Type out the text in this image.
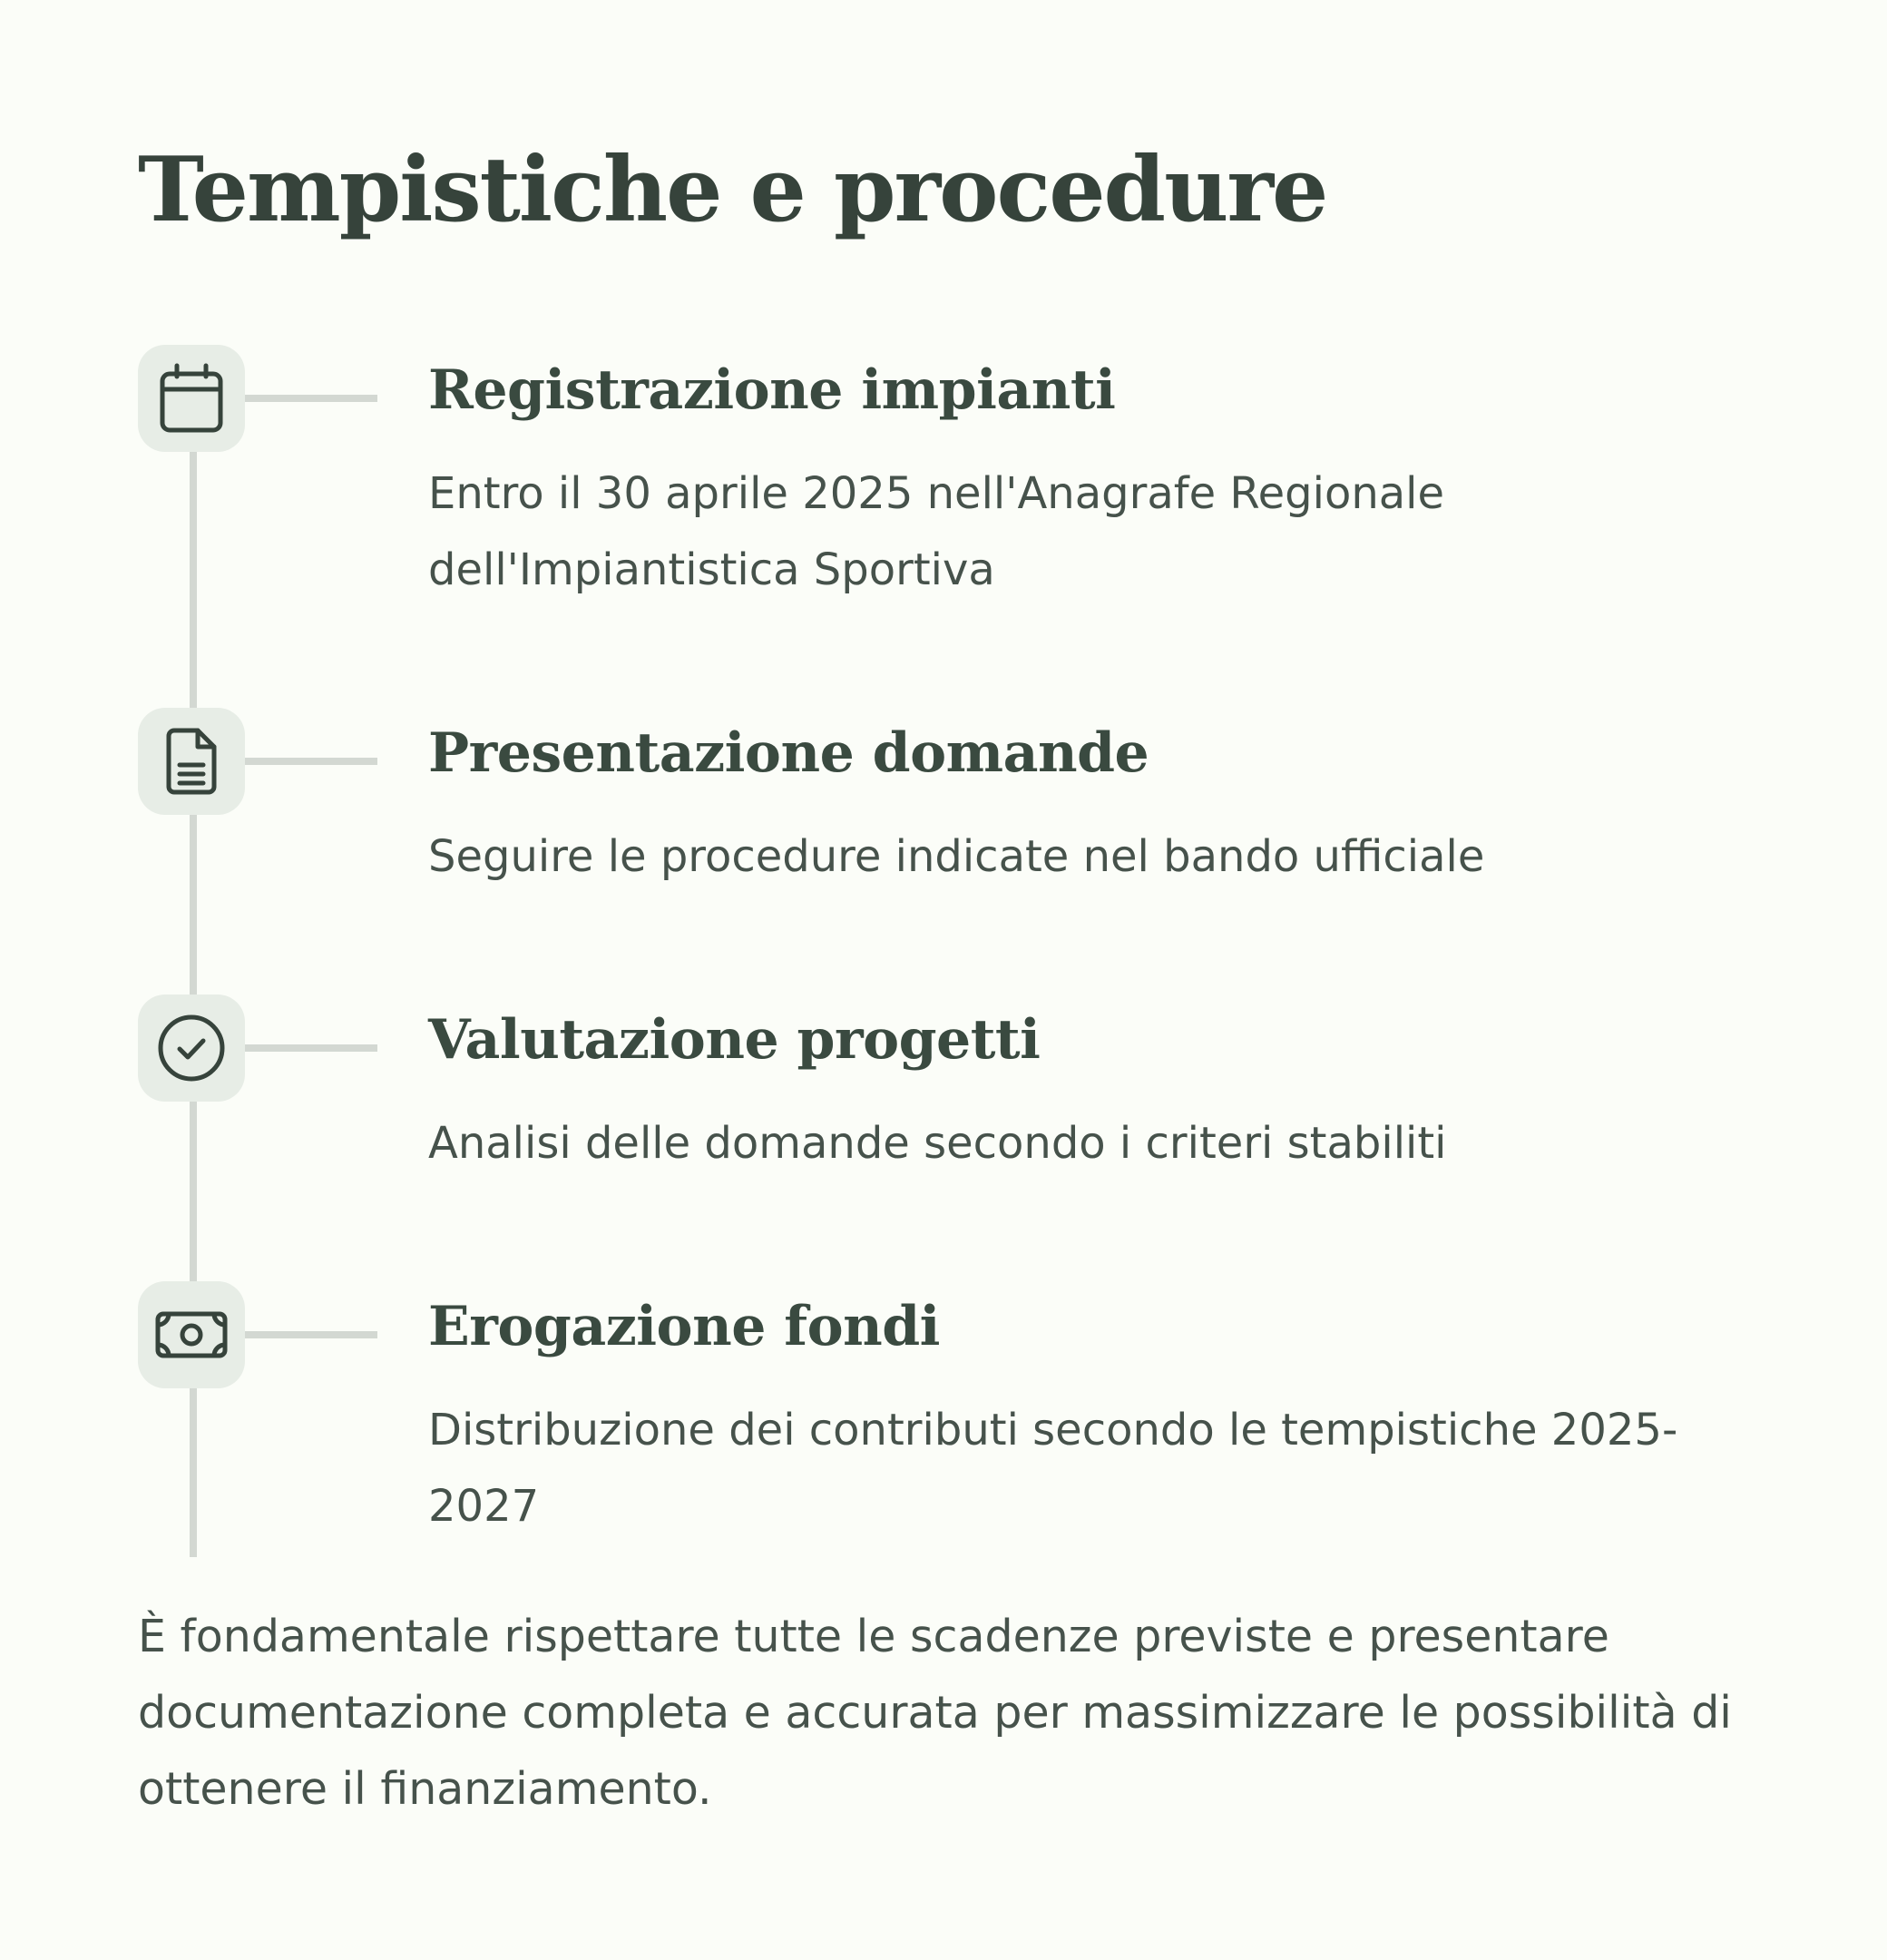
Tempistiche e procedure
Registrazione impianti
Entro il 30 aprile 2025 nell'Anagrafe Regionale dell'Impiantistica Sportiva
Presentazione domande
Seguire le procedure indicate nel bando ufficiale
Valutazione progetti
Analisi delle domande secondo i criteri stabiliti
Erogazione fondi
Distribuzione dei contributi secondo le tempistiche 2025-2027

È fondamentale rispettare tutte le scadenze previste e presentare documentazione completa e accurata per massimizzare le possibilità di ottenere il finanziamento.
